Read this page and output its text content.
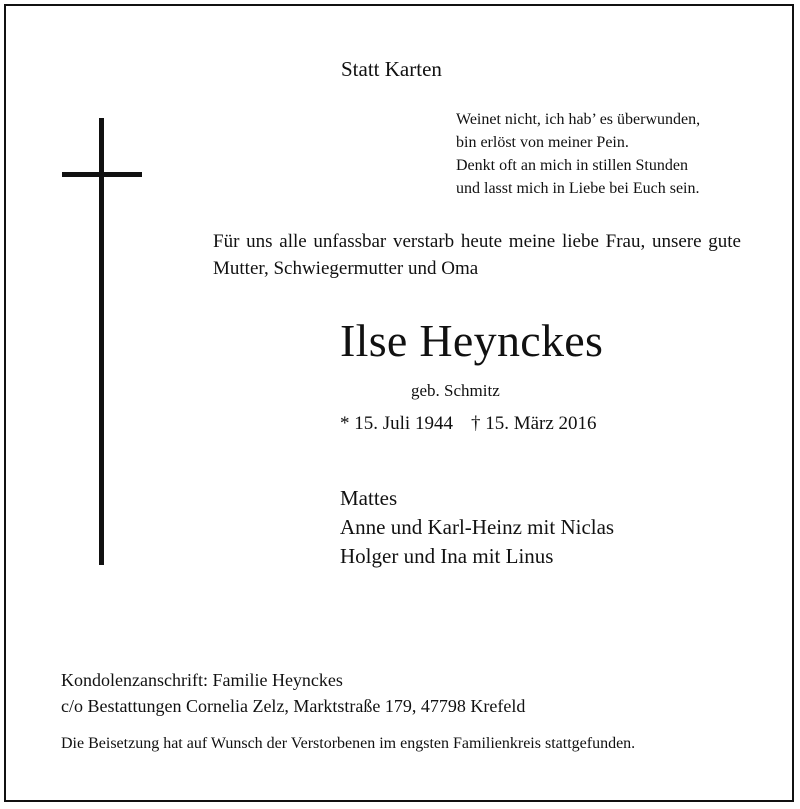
Statt Karten
Weinet nicht, ich hab’ es überwunden,
bin erlöst von meiner Pein.
Denkt oft an mich in stillen Stunden
und lasst mich in Liebe bei Euch sein.
Für uns alle unfassbar verstarb heute meine liebe Frau, unsere gute Mutter, Schwiegermutter und Oma
Ilse Heynckes
geb. Schmitz
* 15. Juli 1944 † 15. März 2016
Mattes
Anne und Karl-Heinz mit Niclas
Holger und Ina mit Linus
Kondolenzanschrift: Familie Heynckes
c/o Bestattungen Cornelia Zelz, Marktstraße 179, 47798 Krefeld
Die Beisetzung hat auf Wunsch der Verstorbenen im engsten Familienkreis stattgefunden.
